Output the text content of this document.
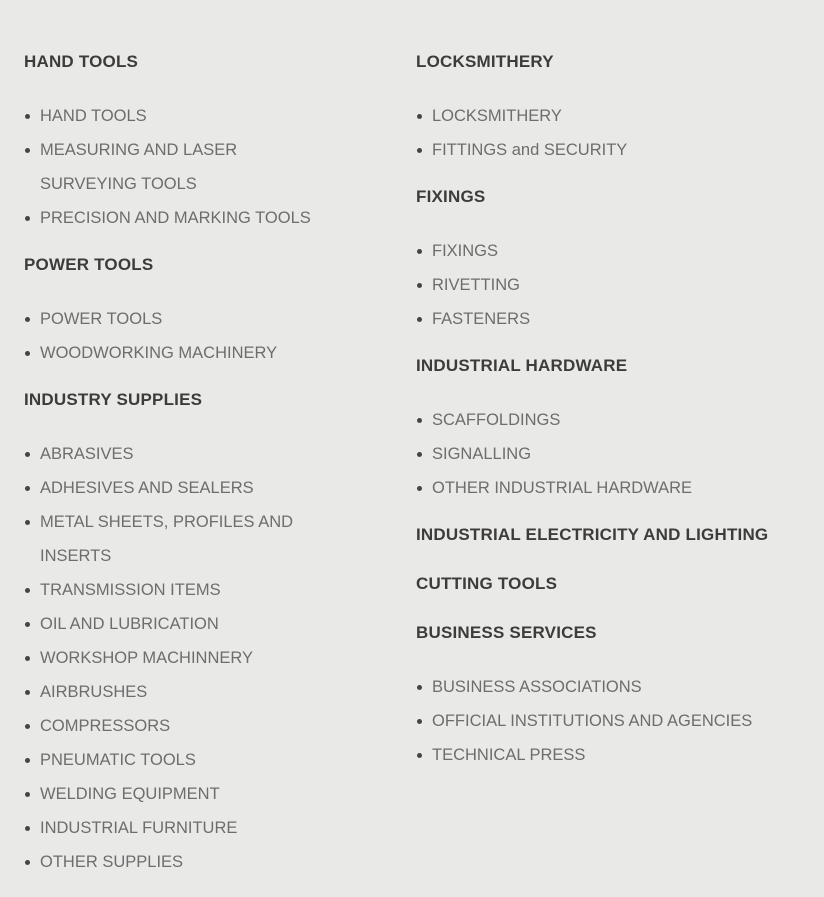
HAND TOOLS
HAND TOOLS
MEASURING AND LASER SURVEYING TOOLS
PRECISION AND MARKING TOOLS
POWER TOOLS
POWER TOOLS
WOODWORKING MACHINERY
INDUSTRY SUPPLIES
ABRASIVES
ADHESIVES AND SEALERS
METAL SHEETS, PROFILES AND INSERTS
TRANSMISSION ITEMS
OIL AND LUBRICATION
WORKSHOP MACHINNERY
AIRBRUSHES
COMPRESSORS
PNEUMATIC TOOLS
WELDING EQUIPMENT
INDUSTRIAL FURNITURE
OTHER SUPPLIES
LOCKSMITHERY
LOCKSMITHERY
FITTINGS and SECURITY
FIXINGS
FIXINGS
RIVETTING
FASTENERS
INDUSTRIAL HARDWARE
SCAFFOLDINGS
SIGNALLING
OTHER INDUSTRIAL HARDWARE
INDUSTRIAL ELECTRICITY AND LIGHTING
CUTTING TOOLS
BUSINESS SERVICES
BUSINESS ASSOCIATIONS
OFFICIAL INSTITUTIONS AND AGENCIES
TECHNICAL PRESS
